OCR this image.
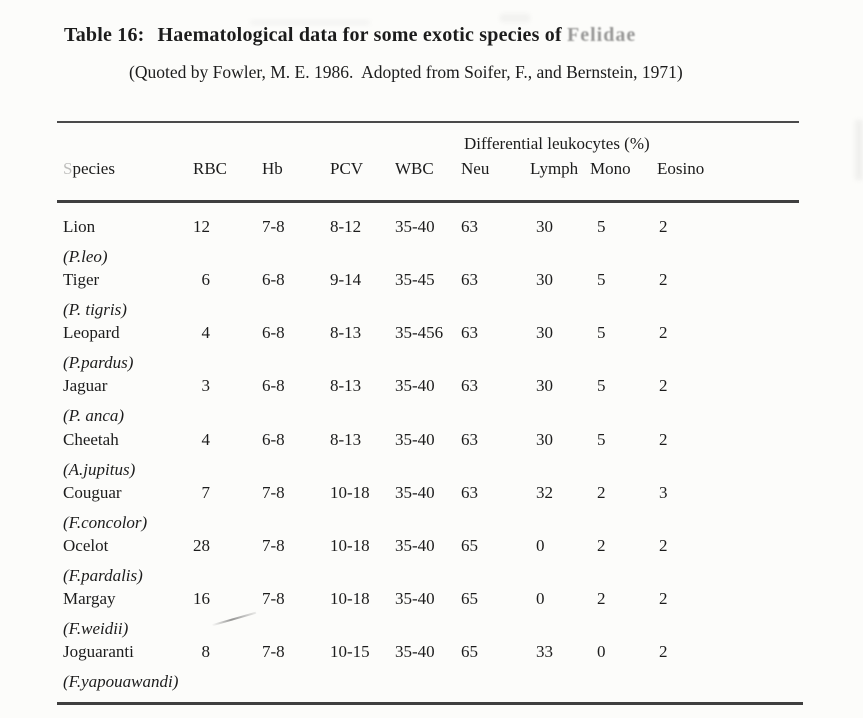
Table 16: Haematological data for some exotic species of Felidae
(Quoted by Fowler, M. E. 1986.  Adopted from Soifer, F., and Bernstein, 1971)
Differential leukocytes (%)
Species	RBC	Hb	PCV	WBC	Neu	Lymph Mono	Eosino
Lion
(P.leo)
12	7-8	8-12	35-40	63	30	5	2
Tiger
(P. tigris)
6	6-8	9-14	35-45	63	30	5	2
Leopard
(P.pardus)
4	6-8	8-13	35-456	63	30	5	2
Jaguar
(P. anca)
3	6-8	8-13	35-40	63	30	5	2
Cheetah
(A.jupitus)
4	6-8	8-13	35-40	63	30	5	2
Couguar
(F.concolor)
7	7-8	10-18	35-40	63	32	2	3
Ocelot
(F.pardalis)
28	7-8	10-18	35-40	65	0	2	2
Margay
(F.weidii)
16	7-8	10-18	35-40	65	0	2	2
Joguaranti
(F.yapouawandi)
8	7-8	10-15	35-40	65	33	0	2
